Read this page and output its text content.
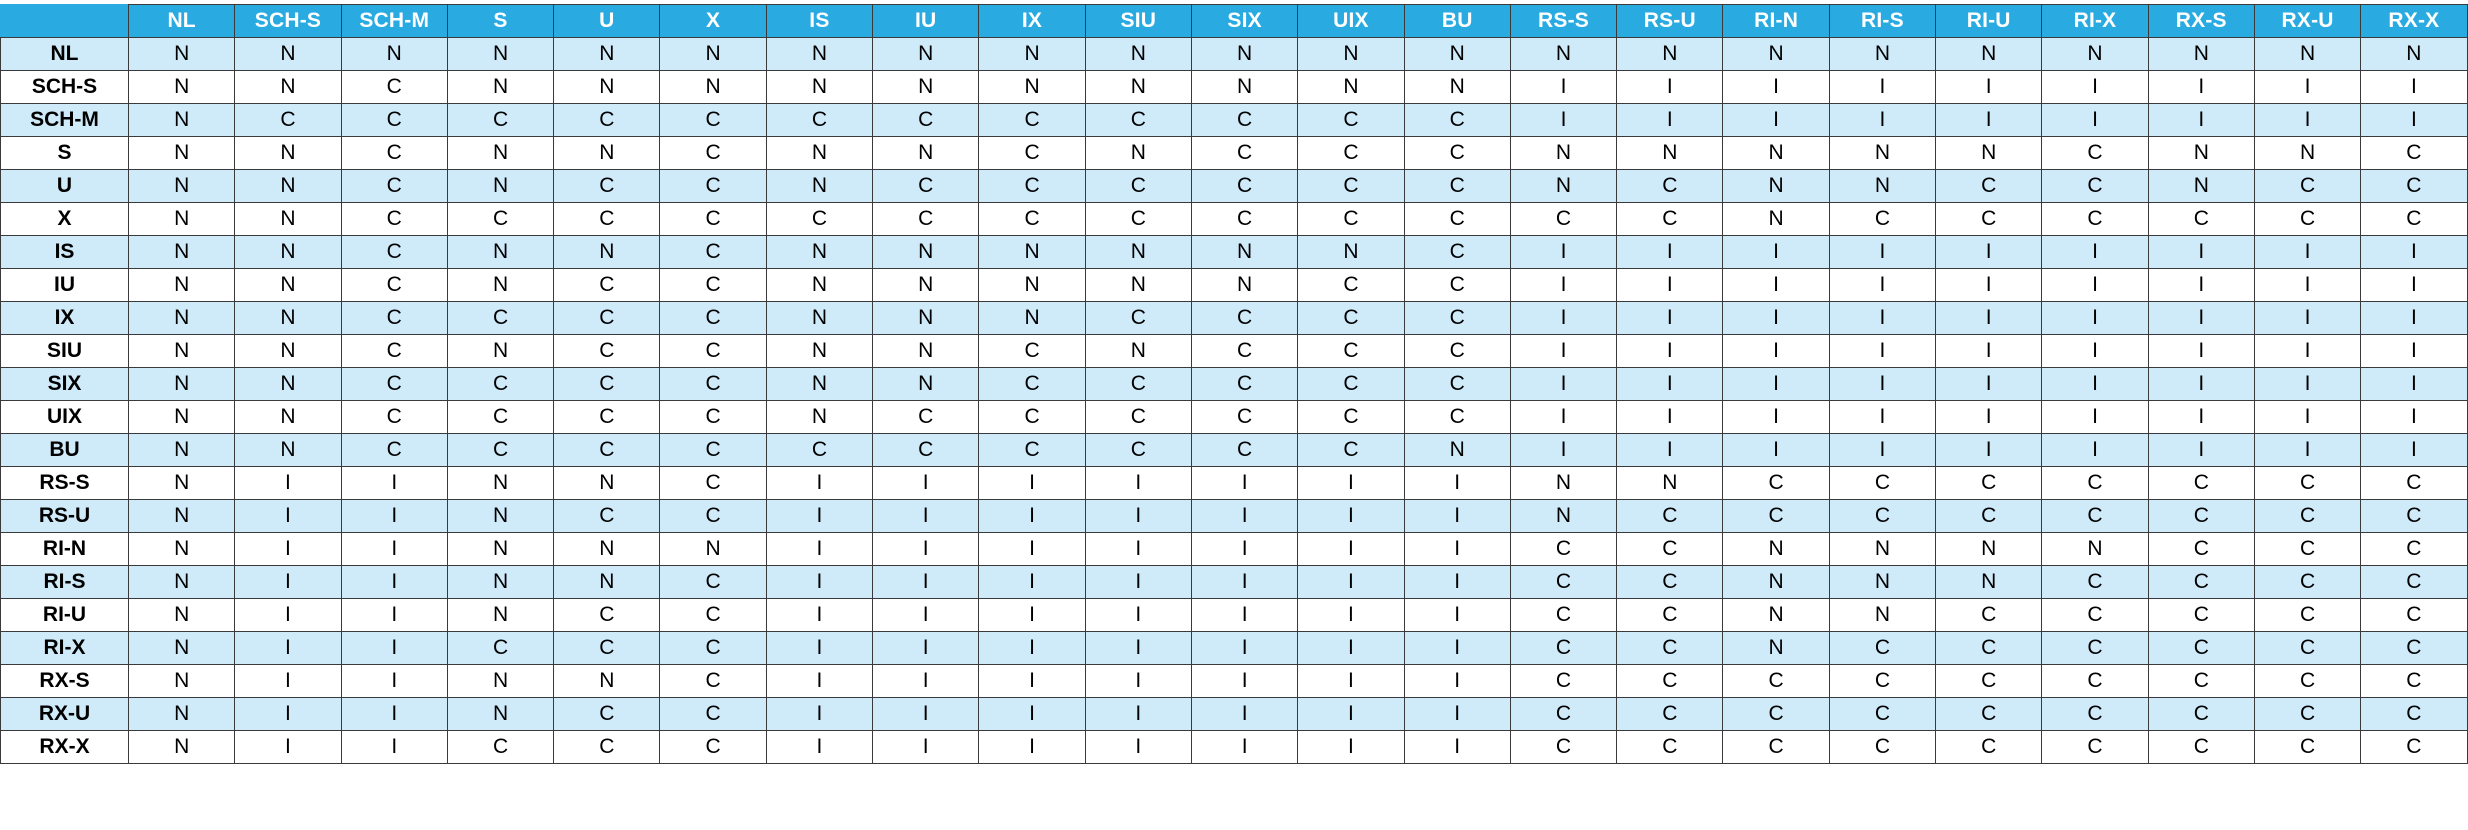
	NL	SCH-S	SCH-M	S	U	X	IS	IU	IX	SIU	SIX	UIX	BU	RS-S	RS-U	RI-N	RI-S	RI-U	RI-X	RX-S	RX-U	RX-X
NL	N	N	N	N	N	N	N	N	N	N	N	N	N	N	N	N	N	N	N	N	N	N
SCH-S	N	N	C	N	N	N	N	N	N	N	N	N	N	I	I	I	I	I	I	I	I	I
SCH-M	N	C	C	C	C	C	C	C	C	C	C	C	C	I	I	I	I	I	I	I	I	I
S	N	N	C	N	N	C	N	N	C	N	C	C	C	N	N	N	N	N	C	N	N	C
U	N	N	C	N	C	C	N	C	C	C	C	C	C	N	C	N	N	C	C	N	C	C
X	N	N	C	C	C	C	C	C	C	C	C	C	C	C	C	N	C	C	C	C	C	C
IS	N	N	C	N	N	C	N	N	N	N	N	N	C	I	I	I	I	I	I	I	I	I
IU	N	N	C	N	C	C	N	N	N	N	N	C	C	I	I	I	I	I	I	I	I	I
IX	N	N	C	C	C	C	N	N	N	C	C	C	C	I	I	I	I	I	I	I	I	I
SIU	N	N	C	N	C	C	N	N	C	N	C	C	C	I	I	I	I	I	I	I	I	I
SIX	N	N	C	C	C	C	N	N	C	C	C	C	C	I	I	I	I	I	I	I	I	I
UIX	N	N	C	C	C	C	N	C	C	C	C	C	C	I	I	I	I	I	I	I	I	I
BU	N	N	C	C	C	C	C	C	C	C	C	C	N	I	I	I	I	I	I	I	I	I
RS-S	N	I	I	N	N	C	I	I	I	I	I	I	I	N	N	C	C	C	C	C	C	C
RS-U	N	I	I	N	C	C	I	I	I	I	I	I	I	N	C	C	C	C	C	C	C	C
RI-N	N	I	I	N	N	N	I	I	I	I	I	I	I	C	C	N	N	N	N	C	C	C
RI-S	N	I	I	N	N	C	I	I	I	I	I	I	I	C	C	N	N	N	C	C	C	C
RI-U	N	I	I	N	C	C	I	I	I	I	I	I	I	C	C	N	N	C	C	C	C	C
RI-X	N	I	I	C	C	C	I	I	I	I	I	I	I	C	C	N	C	C	C	C	C	C
RX-S	N	I	I	N	N	C	I	I	I	I	I	I	I	C	C	C	C	C	C	C	C	C
RX-U	N	I	I	N	C	C	I	I	I	I	I	I	I	C	C	C	C	C	C	C	C	C
RX-X	N	I	I	C	C	C	I	I	I	I	I	I	I	C	C	C	C	C	C	C	C	C
